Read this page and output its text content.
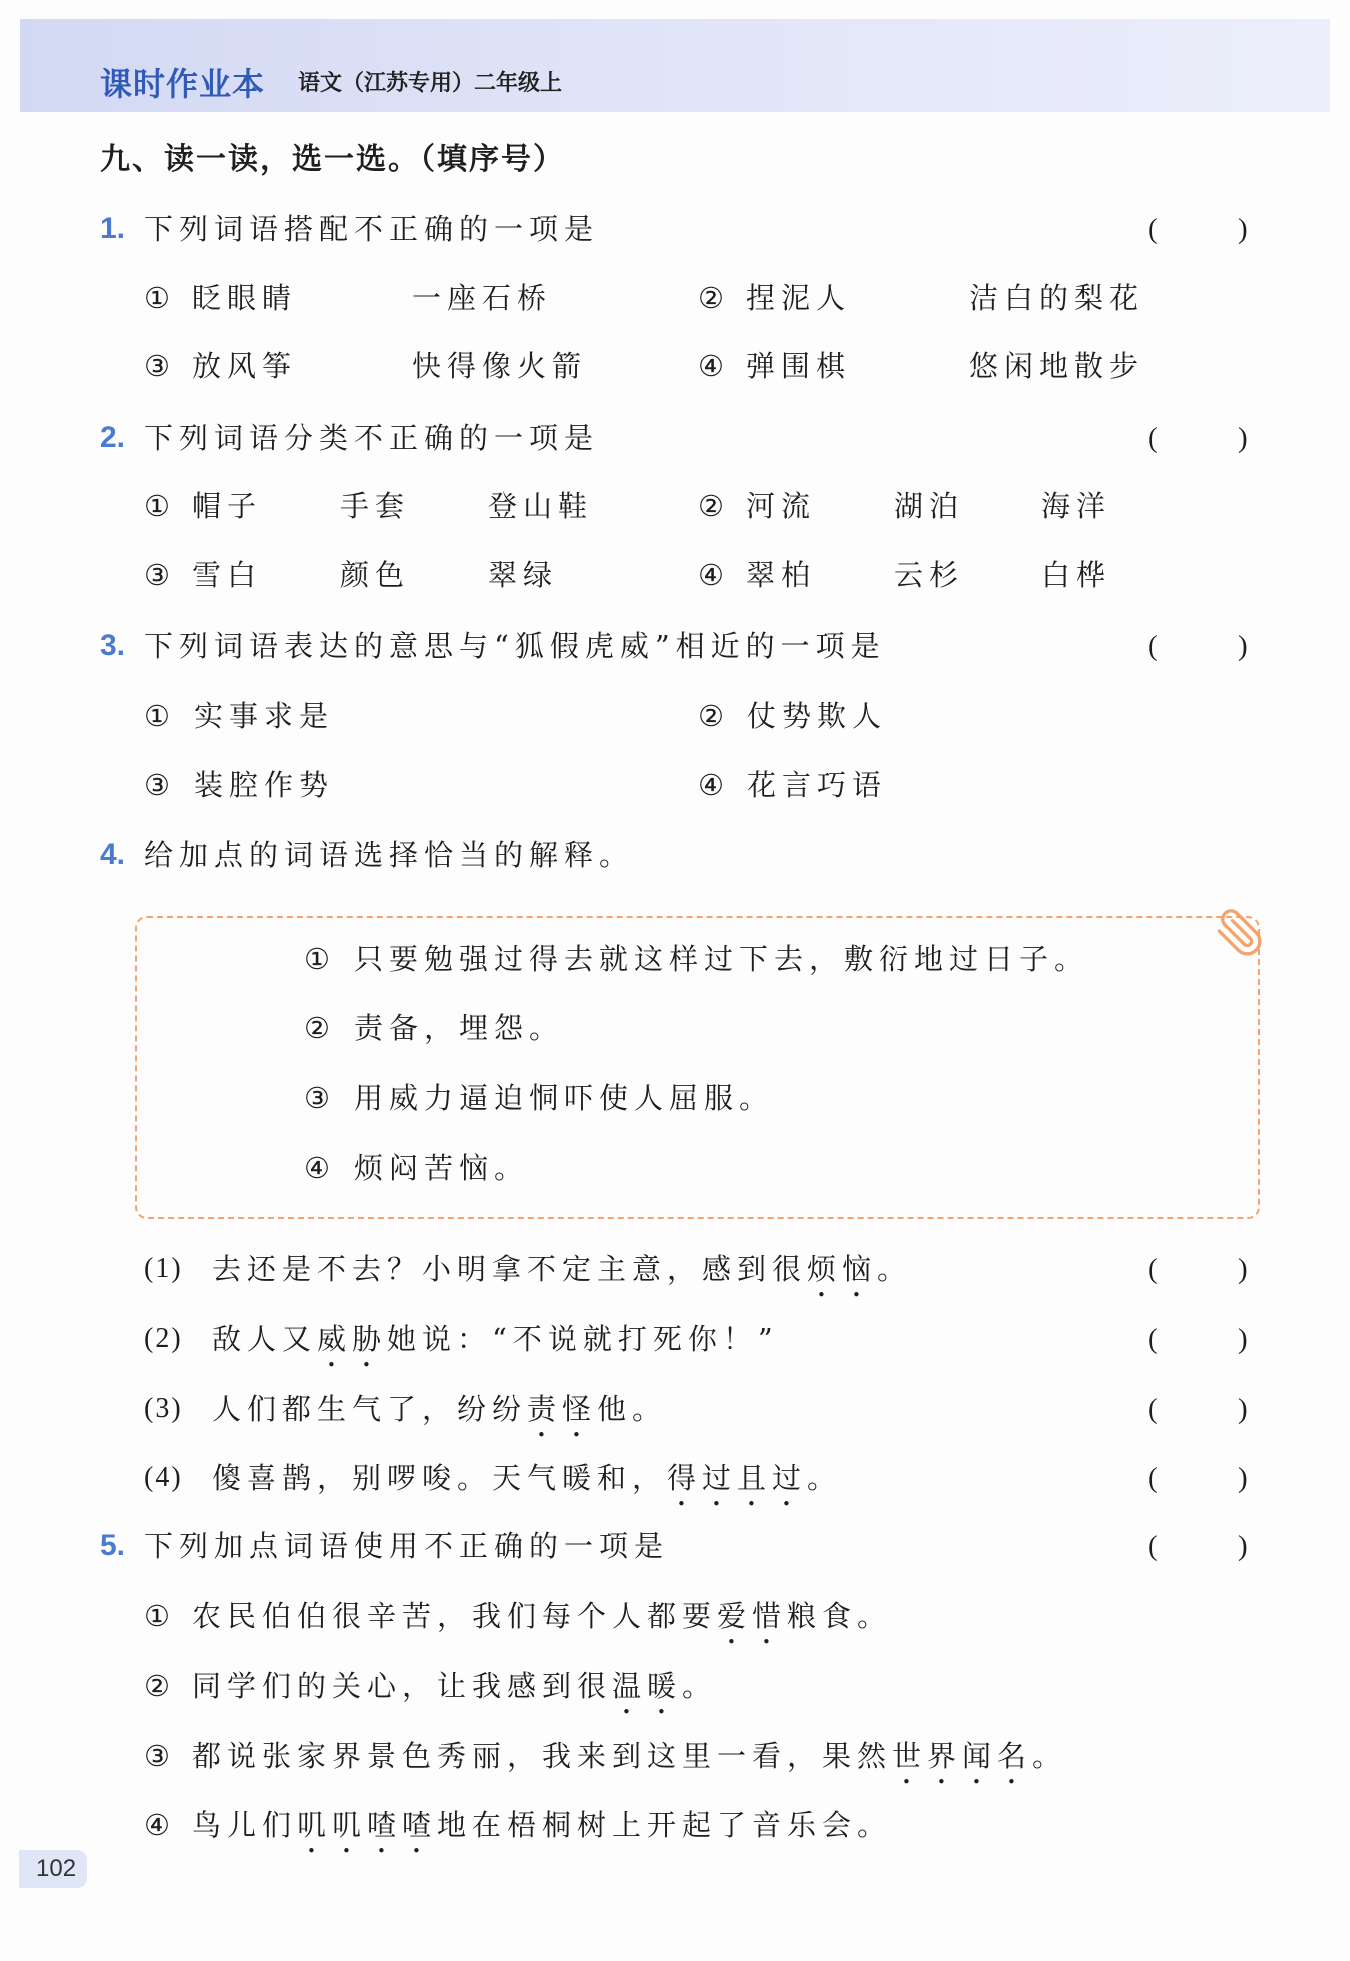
课时作业本 语文（江苏专用）二年级上
九、读一读，选一选。（填序号）
1. 下列词语搭配不正确的一项是	(	)
① 眨眼睛	一座石桥	② 捏泥人	洁白的梨花
③ 放风筝	快得像火箭	④ 弹围棋	悠闲地散步
2. 下列词语分类不正确的一项是	(	)
① 帽子	手套	登山鞋	② 河流	湖泊	海洋
③ 雪白	颜色	翠绿	④ 翠柏	云杉	白桦
3. 下列词语表达的意思与“狐假虎威”相近的一项是	(	)
① 实事求是	② 仗势欺人
③ 装腔作势	④ 花言巧语
4. 给加点的词语选择恰当的解释。
① 只要勉强过得去就这样过下去，敷衍地过日子。
② 责备，埋怨。
③ 用威力逼迫恫吓使人屈服。
④ 烦闷苦恼。
(1) 去还是不去？小明拿不定主意，感到很烦恼。	(	)
(2) 敌人又威胁她说：“不说就打死你！”	(	)
(3) 人们都生气了，纷纷责怪他。	(	)
(4) 傻喜鹊，别啰唆。天气暖和，得过且过。	(	)
5. 下列加点词语使用不正确的一项是	(	)
① 农民伯伯很辛苦，我们每个人都要爱惜粮食。
② 同学们的关心，让我感到很温暖。
③ 都说张家界景色秀丽，我来到这里一看，果然世界闻名。
④ 鸟儿们叽叽喳喳地在梧桐树上开起了音乐会。
102
